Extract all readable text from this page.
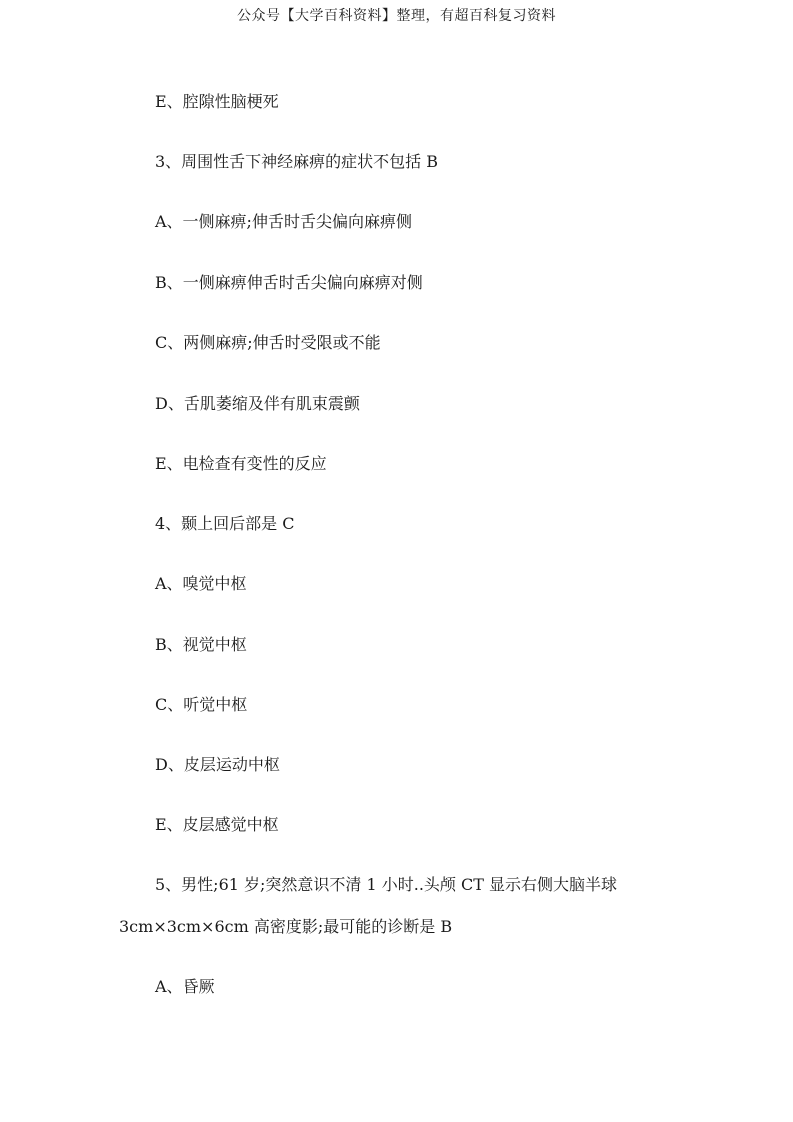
公众号【大学百科资料】整理，有超百科复习资料
E、腔隙性脑梗死
3、周围性舌下神经麻痹的症状不包括 B
A、一侧麻痹;伸舌时舌尖偏向麻痹侧
B、一侧麻痹伸舌时舌尖偏向麻痹对侧
C、两侧麻痹;伸舌时受限或不能
D、舌肌萎缩及伴有肌束震颤
E、电检查有变性的反应
4、颞上回后部是 C
A、嗅觉中枢
B、视觉中枢
C、听觉中枢
D、皮层运动中枢
E、皮层感觉中枢
5、男性;61 岁;突然意识不清 1 小时..头颅 CT 显示右侧大脑半球
3cm×3cm×6cm 高密度影;最可能的诊断是 B
A、昏厥
